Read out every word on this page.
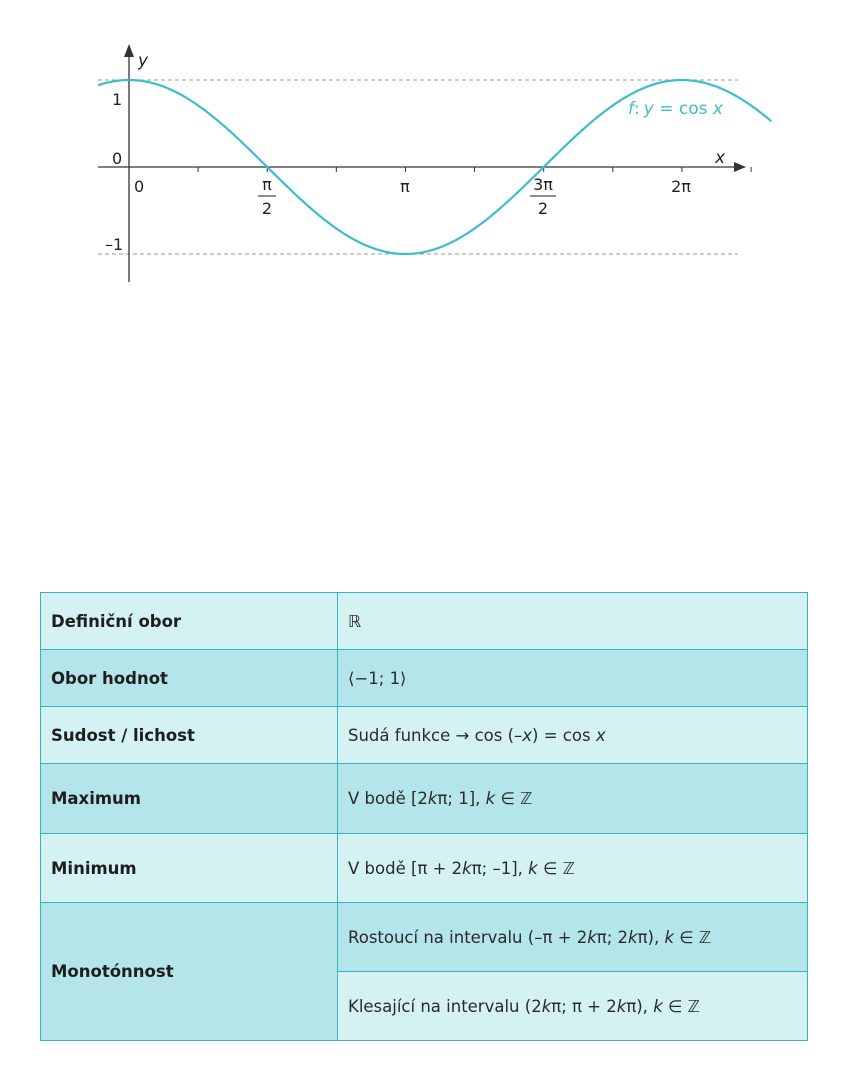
x
y
1
0
–1
0	π
2
π	3π
2
2π
f: y = cos x
Definiční obor	ℝ
Obor hodnot	⟨−1; 1⟩
Sudost / lichost	Sudá funkce → cos (–x) = cos x
Maximum	V bodě [2kπ; 1], k ∈ ℤ
Minimum	V bodě [π + 2kπ; –1], k ∈ ℤ
Monotónnost	Rostoucí na intervalu (–π + 2kπ; 2kπ), k ∈ ℤ
	Klesající na intervalu (2kπ; π + 2kπ), k ∈ ℤ
